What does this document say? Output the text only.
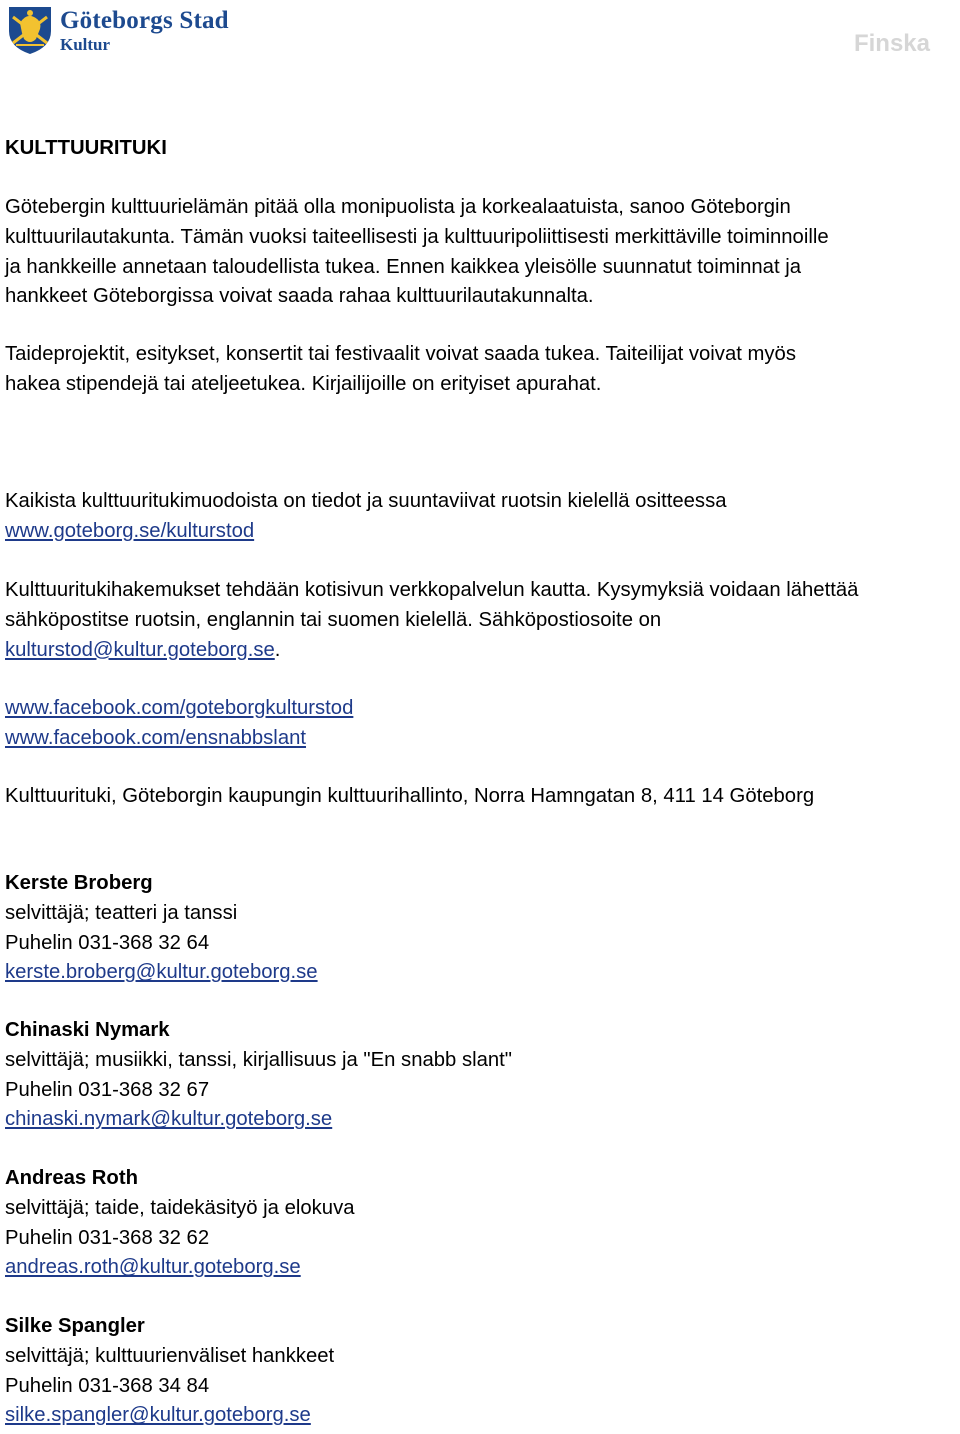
Göteborgs Stad
Kultur	Finska
KULTTUURITUKI
Götebergin kulttuurielämän pitää olla monipuolista ja korkealaatuista, sanoo Göteborgin
kulttuurilautakunta. Tämän vuoksi taiteellisesti ja kulttuuripoliittisesti merkittäville toiminnoille
ja hankkeille annetaan taloudellista tukea. Ennen kaikkea yleisölle suunnatut toiminnat ja
hankkeet Göteborgissa voivat saada rahaa kulttuurilautakunnalta.
Taideprojektit, esitykset, konsertit tai festivaalit voivat saada tukea. Taiteilijat voivat myös
hakea stipendejä tai ateljeetukea. Kirjailijoille on erityiset apurahat.
Kaikista kulttuuritukimuodoista on tiedot ja suuntaviivat ruotsin kielellä ositteessa
www.goteborg.se/kulturstod
Kulttuuritukihakemukset tehdään kotisivun verkkopalvelun kautta. Kysymyksiä voidaan lähettää
sähköpostitse ruotsin, englannin tai suomen kielellä. Sähköpostiosoite on
kulturstod@kultur.goteborg.se.
www.facebook.com/goteborgkulturstod
www.facebook.com/ensnabbslant
Kulttuurituki, Göteborgin kaupungin kulttuurihallinto, Norra Hamngatan 8, 411 14 Göteborg
Kerste Broberg
selvittäjä; teatteri ja tanssi
Puhelin 031-368 32 64
kerste.broberg@kultur.goteborg.se
Chinaski Nymark
selvittäjä; musiikki, tanssi, kirjallisuus ja "En snabb slant"
Puhelin 031-368 32 67
chinaski.nymark@kultur.goteborg.se
Andreas Roth
selvittäjä; taide, taidekäsityö ja elokuva
Puhelin 031-368 32 62
andreas.roth@kultur.goteborg.se
Silke Spangler
selvittäjä; kulttuurienväliset hankkeet
Puhelin 031-368 34 84
silke.spangler@kultur.goteborg.se
